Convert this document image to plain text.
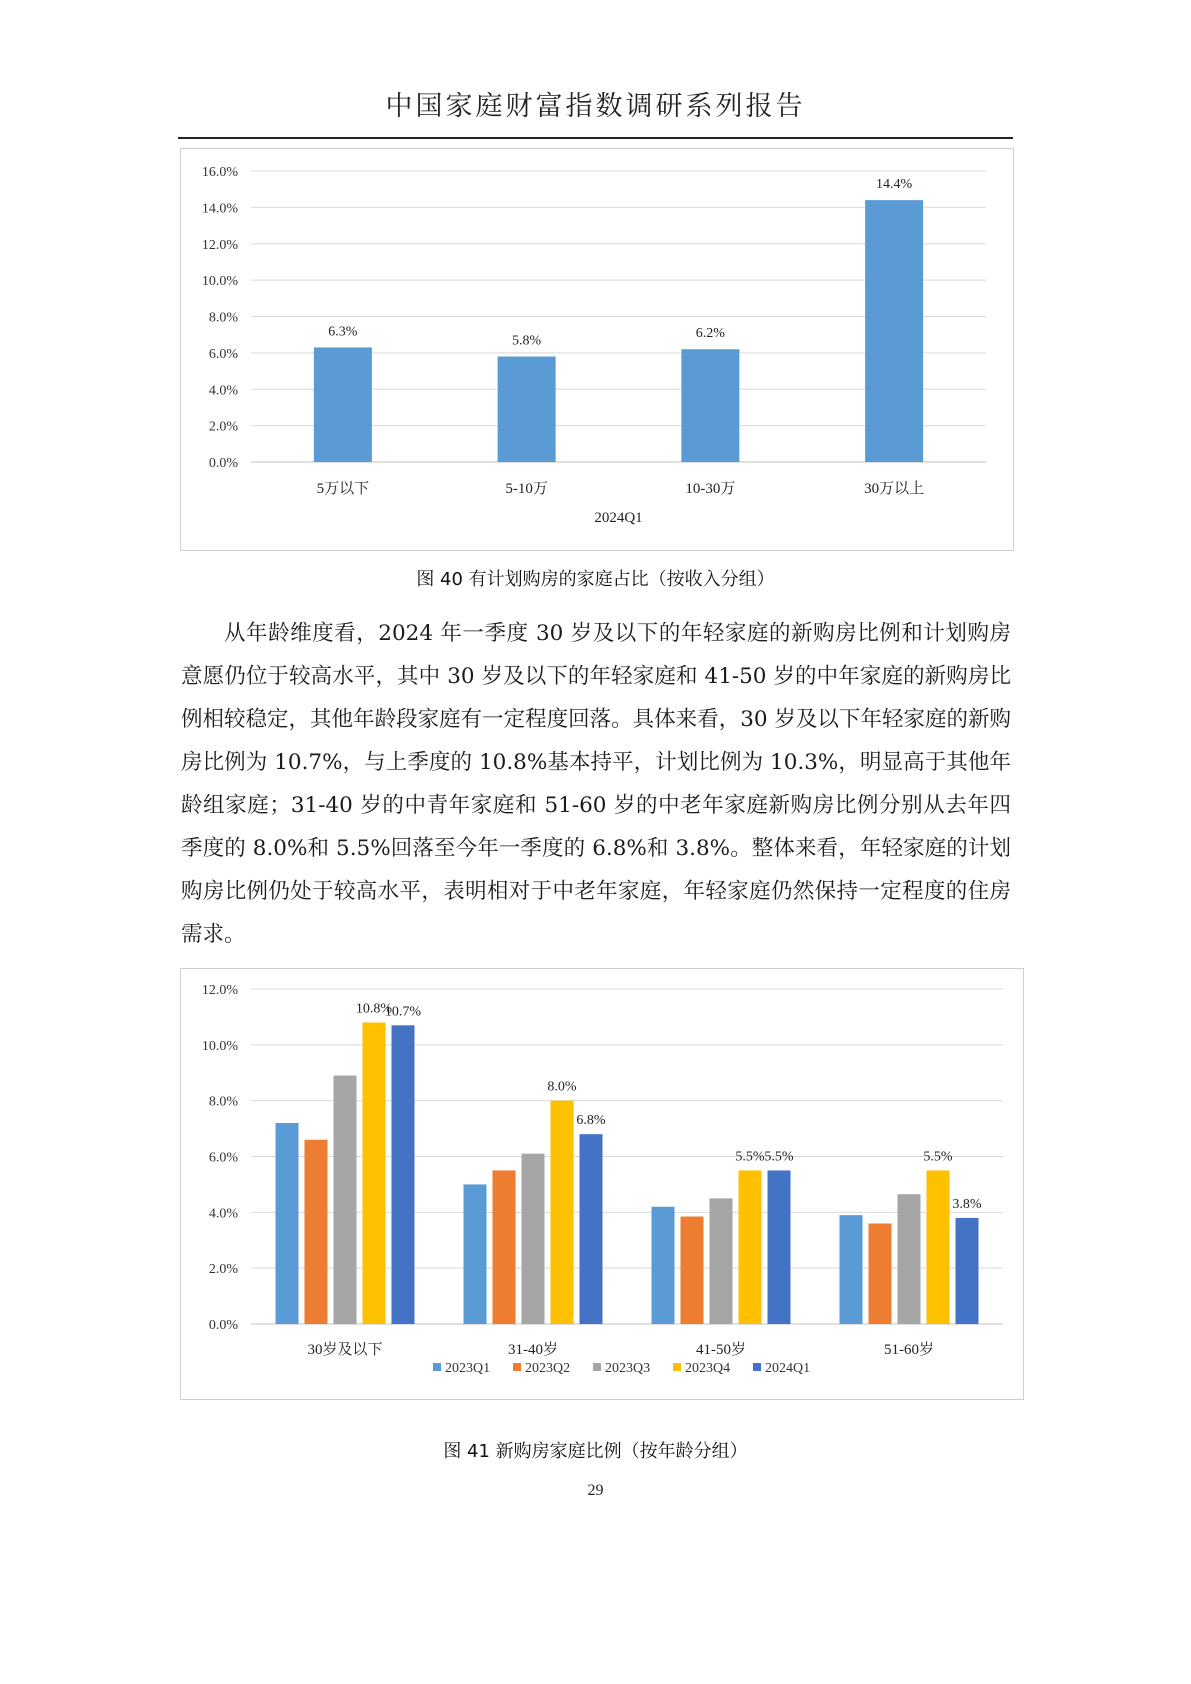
中国家庭财富指数调研系列报告
0.0%
2.0%
4.0%
6.0%
8.0%
10.0%
12.0%
14.0%
16.0%
6.3%
5万以下
5.8%
5-10万
6.2%
10-30万
14.4%
30万以上
2024Q1
图 40 有计划购房的家庭占比（按收入分组）

从年龄维度看，2024 年一季度 30 岁及以下的年轻家庭的新购房比例和计划购房意愿仍位于较高水平，其中 30 岁及以下的年轻家庭和 41-50 岁的中年家庭的新购房比例相较稳定，其他年龄段家庭有一定程度回落。具体来看，30 岁及以下年轻家庭的新购房比例为 10.7%，与上季度的 10.8%基本持平，计划比例为 10.3%，明显高于其他年龄组家庭；31-40 岁的中青年家庭和 51-60 岁的中老年家庭新购房比例分别从去年四季度的 8.0%和 5.5%回落至今年一季度的 6.8%和 3.8%。整体来看，年轻家庭的计划购房比例仍处于较高水平，表明相对于中老年家庭，年轻家庭仍然保持一定程度的住房需求。

0.0%
2.0%
4.0%
6.0%
8.0%
10.0%
12.0%
10.8%
10.7%
8.0%
6.8%
5.5% 5.5%	5.5%
3.8%
30岁及以下	31-40岁	41-50岁	51-60岁
2023Q1 2023Q2 2023Q3 2023Q4 2024Q1
图 41 新购房家庭比例（按年龄分组）
29
